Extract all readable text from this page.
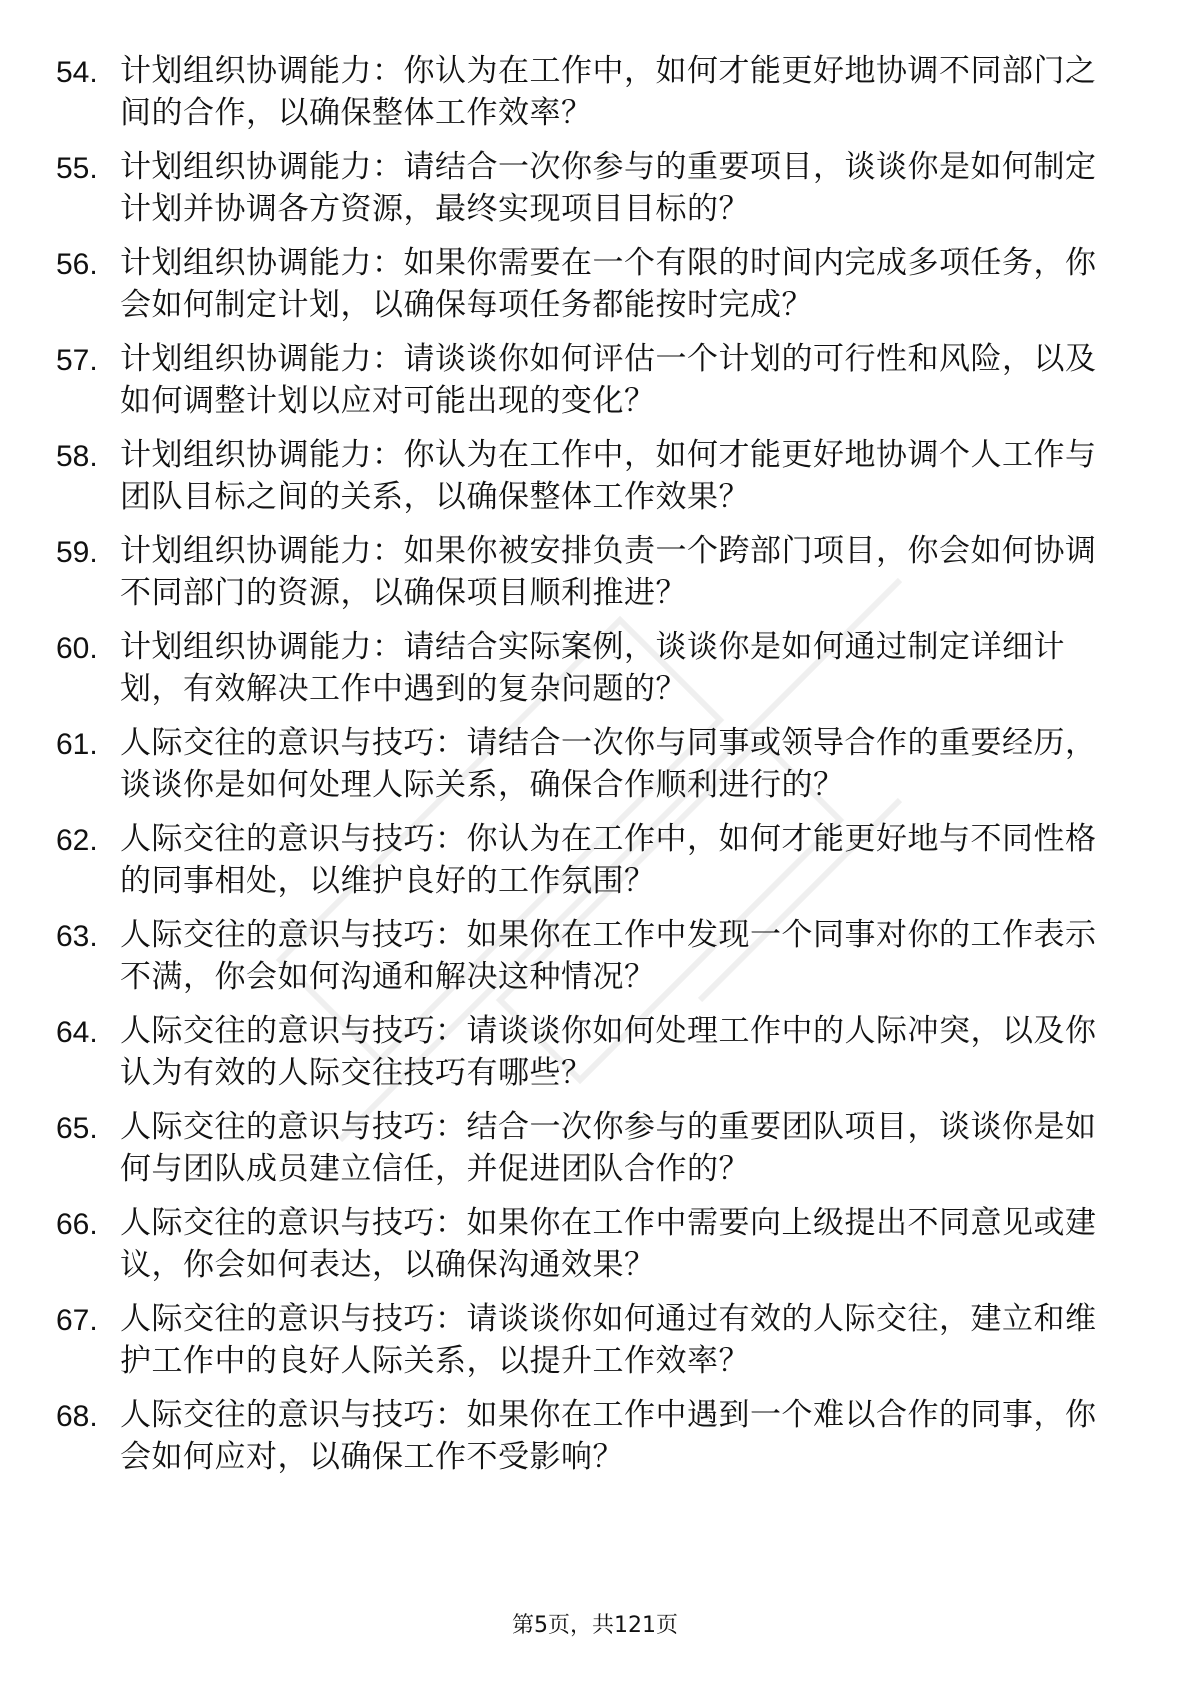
54. 计划组织协调能力：你认为在工作中，如何才能更好地协调不同部门之间的合作，以确保整体工作效率？
55. 计划组织协调能力：请结合一次你参与的重要项目，谈谈你是如何制定计划并协调各方资源，最终实现项目目标的？
56. 计划组织协调能力：如果你需要在一个有限的时间内完成多项任务，你会如何制定计划，以确保每项任务都能按时完成？
57. 计划组织协调能力：请谈谈你如何评估一个计划的可行性和风险，以及如何调整计划以应对可能出现的变化？
58. 计划组织协调能力：你认为在工作中，如何才能更好地协调个人工作与团队目标之间的关系，以确保整体工作效果？
59. 计划组织协调能力：如果你被安排负责一个跨部门项目，你会如何协调不同部门的资源，以确保项目顺利推进？
60. 计划组织协调能力：请结合实际案例，谈谈你是如何通过制定详细计划，有效解决工作中遇到的复杂问题的？
61. 人际交往的意识与技巧：请结合一次你与同事或领导合作的重要经历，谈谈你是如何处理人际关系，确保合作顺利进行的？
62. 人际交往的意识与技巧：你认为在工作中，如何才能更好地与不同性格的同事相处，以维护良好的工作氛围？
63. 人际交往的意识与技巧：如果你在工作中发现一个同事对你的工作表示不满，你会如何沟通和解决这种情况？
64. 人际交往的意识与技巧：请谈谈你如何处理工作中的人际冲突，以及你认为有效的人际交往技巧有哪些？
65. 人际交往的意识与技巧：结合一次你参与的重要团队项目，谈谈你是如何与团队成员建立信任，并促进团队合作的？
66. 人际交往的意识与技巧：如果你在工作中需要向上级提出不同意见或建议，你会如何表达，以确保沟通效果？
67. 人际交往的意识与技巧：请谈谈你如何通过有效的人际交往，建立和维护工作中的良好人际关系，以提升工作效率？
68. 人际交往的意识与技巧：如果你在工作中遇到一个难以合作的同事，你会如何应对，以确保工作不受影响？
第5页，共121页
